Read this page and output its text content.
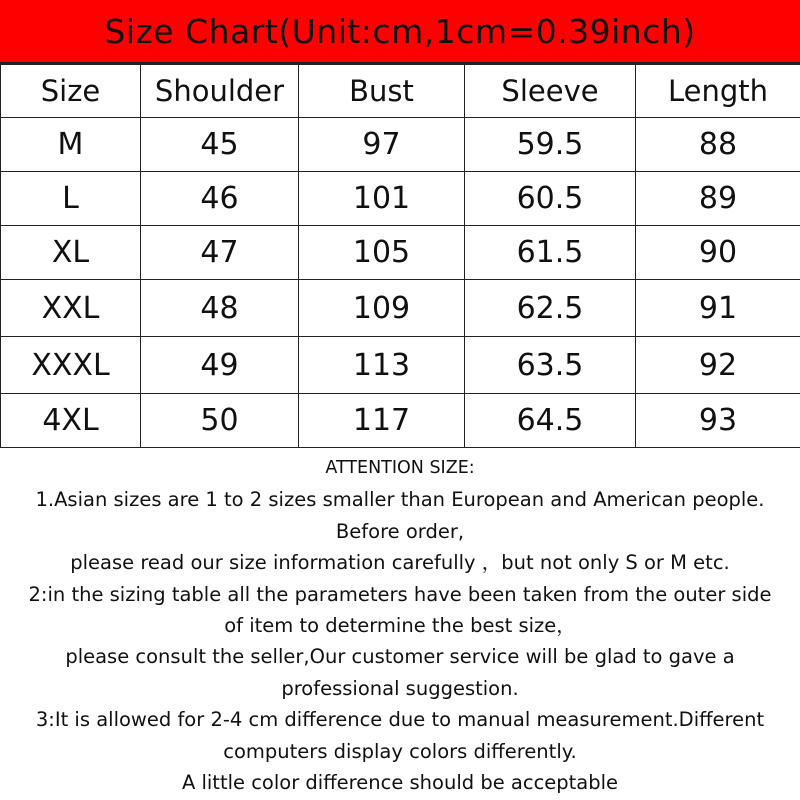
Size Chart(Unit:cm,1cm=0.39inch)
Size	Shoulder	Bust	Sleeve	Length
M	45	97	59.5	88
L	46	101	60.5	89
XL	47	105	61.5	90
XXL	48	109	62.5	91
XXXL	49	113	63.5	92
4XL	50	117	64.5	93
ATTENTION SIZE:
1.Asian sizes are 1 to 2 sizes smaller than European and American people.
Before order,
please read our size information carefully ，but not only S or M etc.
2:in the sizing table all the parameters have been taken from the outer side
of item to determine the best size，
please consult the seller,Our customer service will be glad to gave a
professional suggestion.
3:It is allowed for 2-4 cm difference due to manual measurement.Different
computers display colors differently.
A little color difference should be acceptable
